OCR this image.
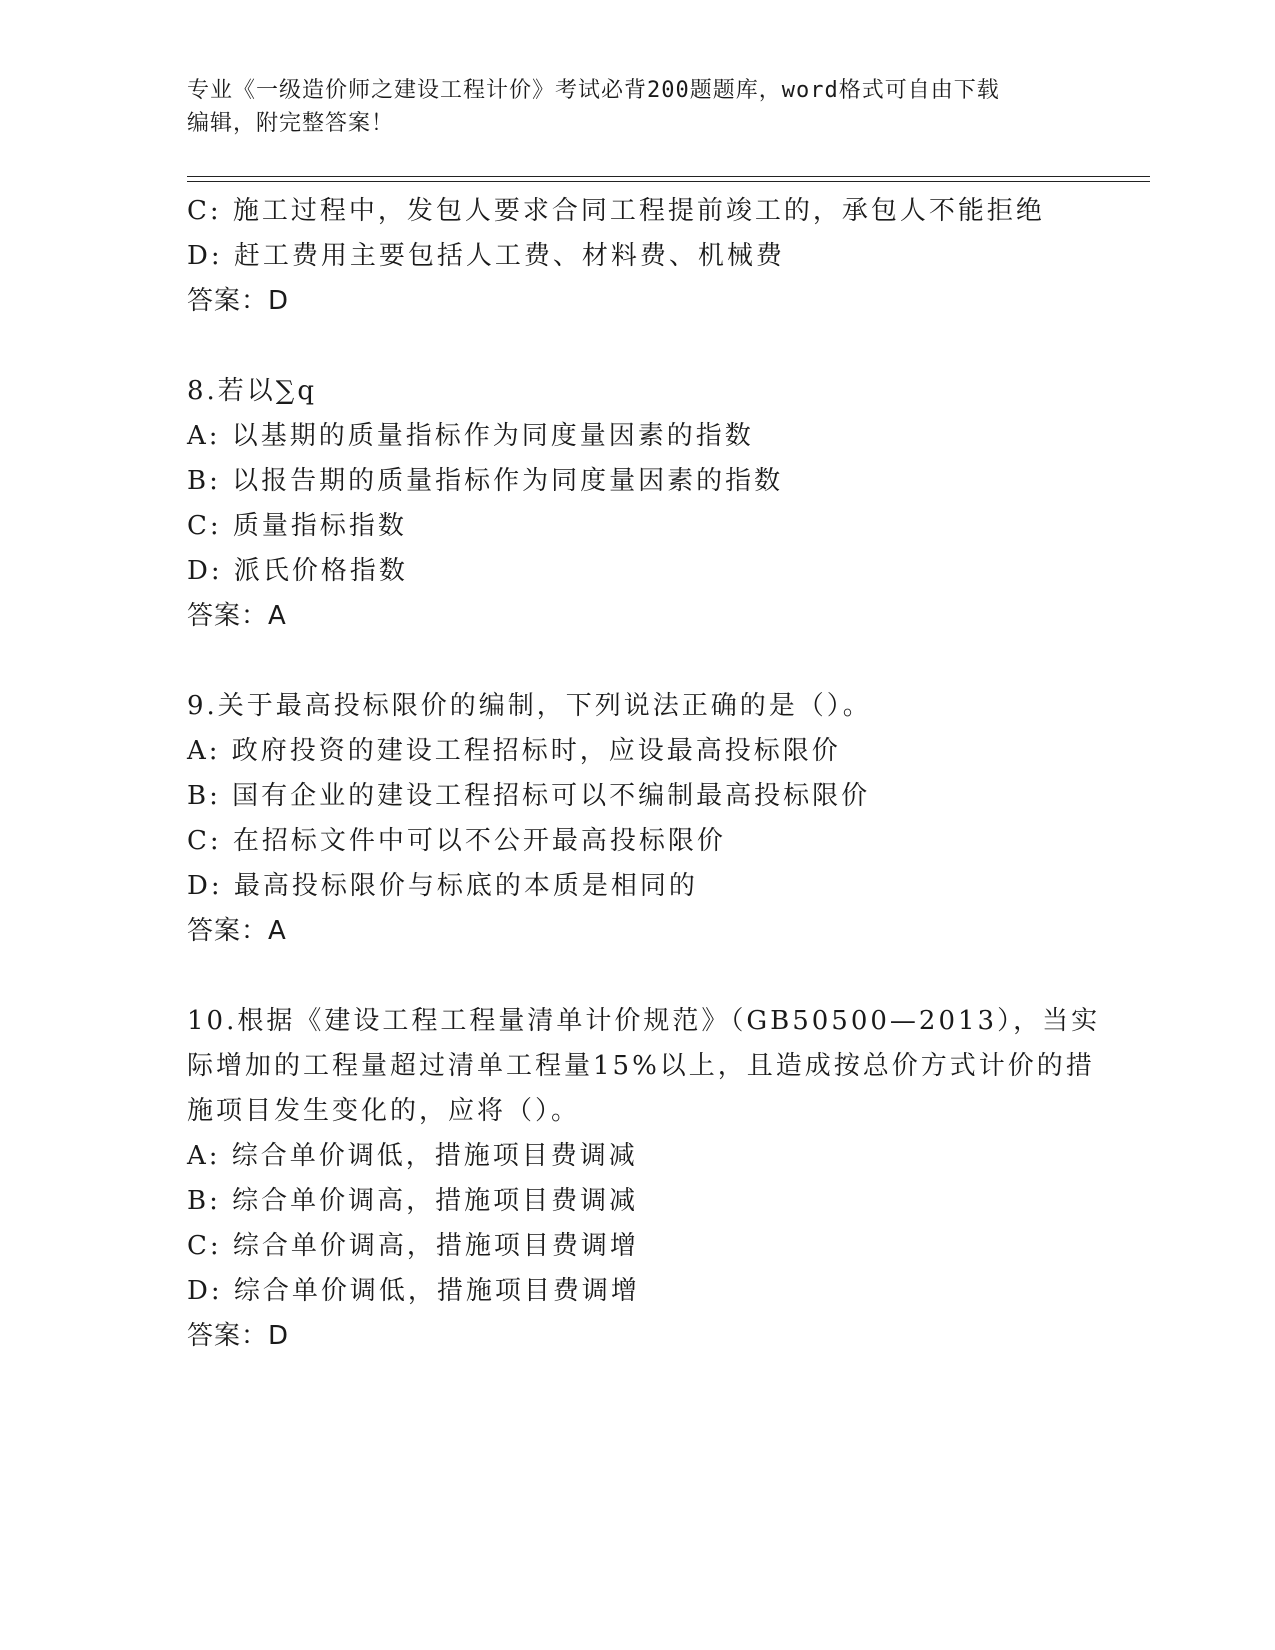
专业《一级造价师之建设工程计价》考试必背200题题库，word格式可自由下载
编辑，附完整答案！
C: 施工过程中，发包人要求合同工程提前竣工的，承包人不能拒绝
D: 赶工费用主要包括人工费、材料费、机械费
答案：D
8.若以∑q
A: 以基期的质量指标作为同度量因素的指数
B: 以报告期的质量指标作为同度量因素的指数
C: 质量指标指数
D: 派氏价格指数
答案：A
9.关于最高投标限价的编制，下列说法正确的是（）。
A: 政府投资的建设工程招标时，应设最高投标限价
B: 国有企业的建设工程招标可以不编制最高投标限价
C: 在招标文件中可以不公开最高投标限价
D: 最高投标限价与标底的本质是相同的
答案：A
10.根据《建设工程工程量清单计价规范》（GB50500—2013），当实
际增加的工程量超过清单工程量15%以上，且造成按总价方式计价的措
施项目发生变化的，应将（）。
A: 综合单价调低，措施项目费调减
B: 综合单价调高，措施项目费调减
C: 综合单价调高，措施项目费调增
D: 综合单价调低，措施项目费调增
答案：D
